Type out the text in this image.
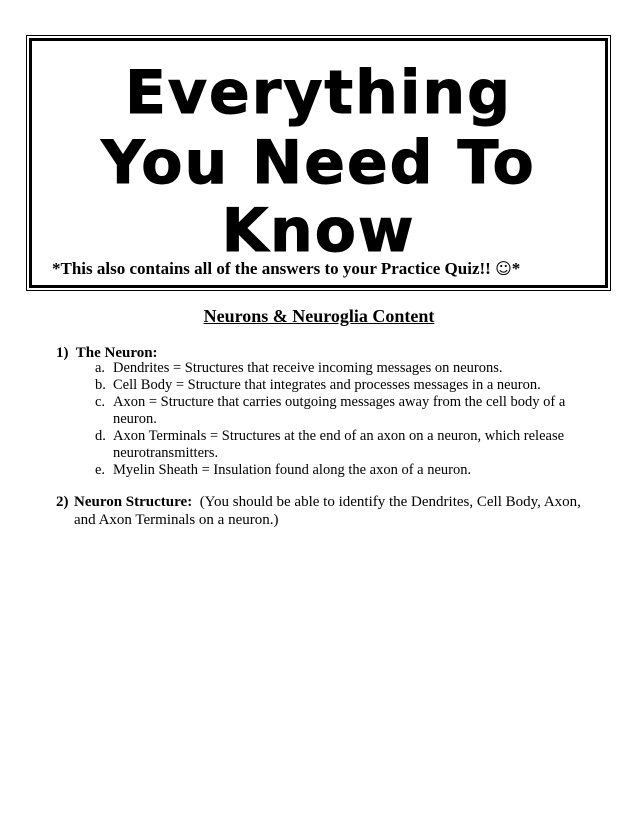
Everything
You Need To
Know
*This also contains all of the answers to your Practice Quiz!! ☺*
Neurons & Neuroglia Content
1) The Neuron:
a. Dendrites = Structures that receive incoming messages on neurons.
b. Cell Body = Structure that integrates and processes messages in a neuron.
c. Axon = Structure that carries outgoing messages away from the cell body of a neuron.
d. Axon Terminals = Structures at the end of an axon on a neuron, which release neurotransmitters.
e. Myelin Sheath = Insulation found along the axon of a neuron.
2) Neuron Structure: (You should be able to identify the Dendrites, Cell Body, Axon, and Axon Terminals on a neuron.)
